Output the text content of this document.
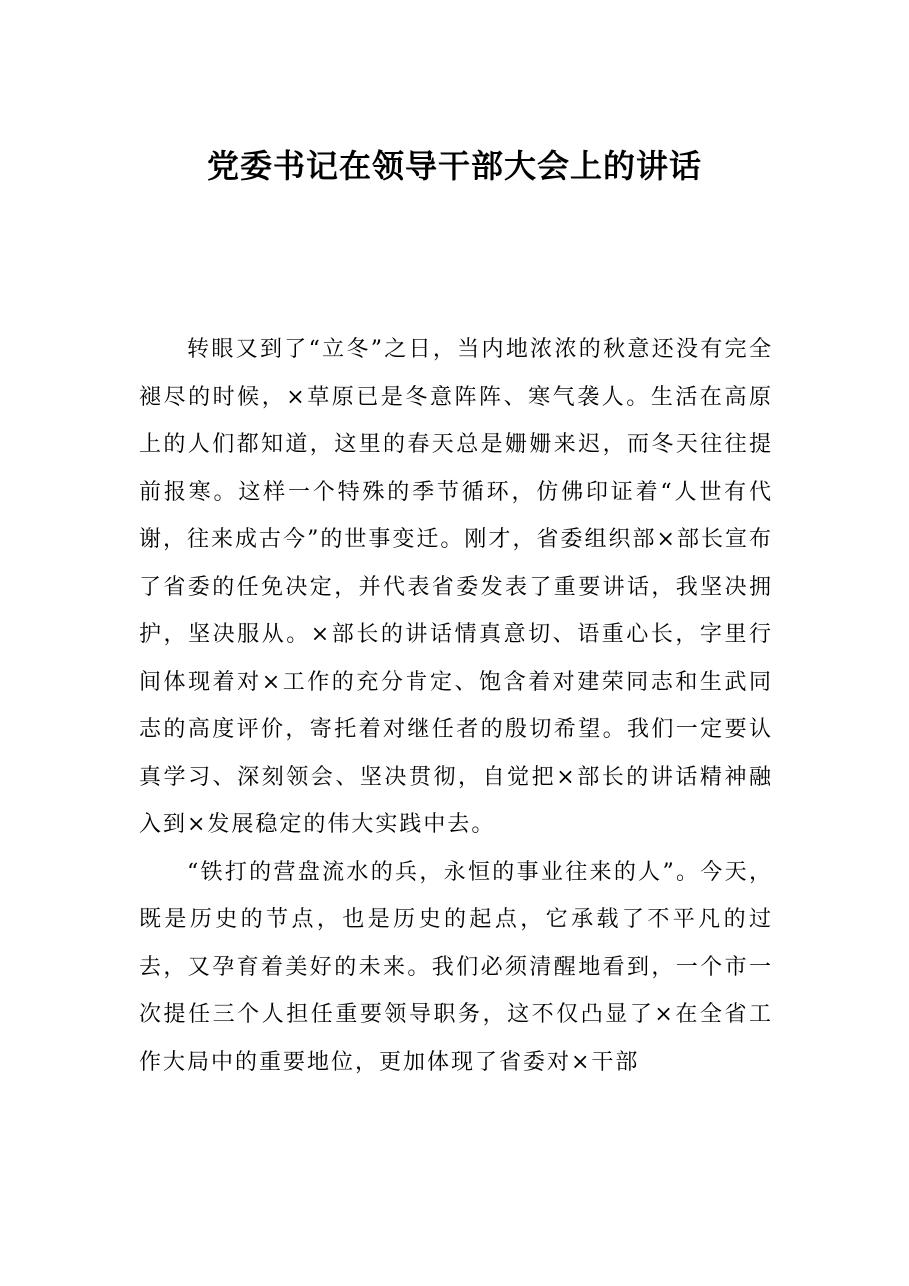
党委书记在领导干部大会上的讲话

转眼又到了“立冬”之日，当内地浓浓的秋意还没有完全褪尽的时候，×草原已是冬意阵阵、寒气袭人。生活在高原上的人们都知道，这里的春天总是姗姗来迟，而冬天往往提前报寒。这样一个特殊的季节循环，仿佛印证着“人世有代谢，往来成古今”的世事变迁。刚才，省委组织部×部长宣布了省委的任免决定，并代表省委发表了重要讲话，我坚决拥护，坚决服从。×部长的讲话情真意切、语重心长，字里行间体现着对×工作的充分肯定、饱含着对建荣同志和生武同志的高度评价，寄托着对继任者的殷切希望。我们一定要认真学习、深刻领会、坚决贯彻，自觉把×部长的讲话精神融入到×发展稳定的伟大实践中去。

“铁打的营盘流水的兵，永恒的事业往来的人”。今天，既是历史的节点，也是历史的起点，它承载了不平凡的过去，又孕育着美好的未来。我们必须清醒地看到，一个市一次提任三个人担任重要领导职务，这不仅凸显了×在全省工作大局中的重要地位，更加体现了省委对×干部
